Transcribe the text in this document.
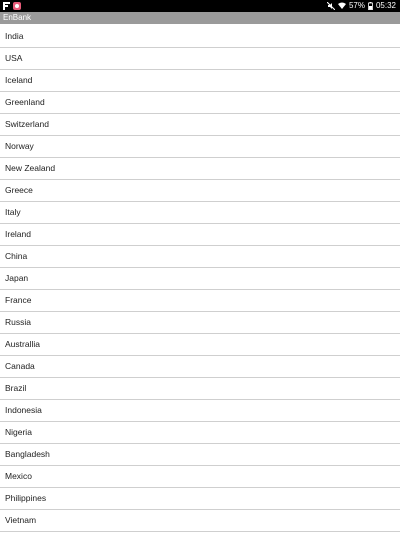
57% 05:32
EnBank
India
USA
Iceland
Greenland
Switzerland
Norway
New Zealand
Greece
Italy
Ireland
China
Japan
France
Russia
Australlia
Canada
Brazil
Indonesia
Nigeria
Bangladesh
Mexico
Philippines
Vietnam
